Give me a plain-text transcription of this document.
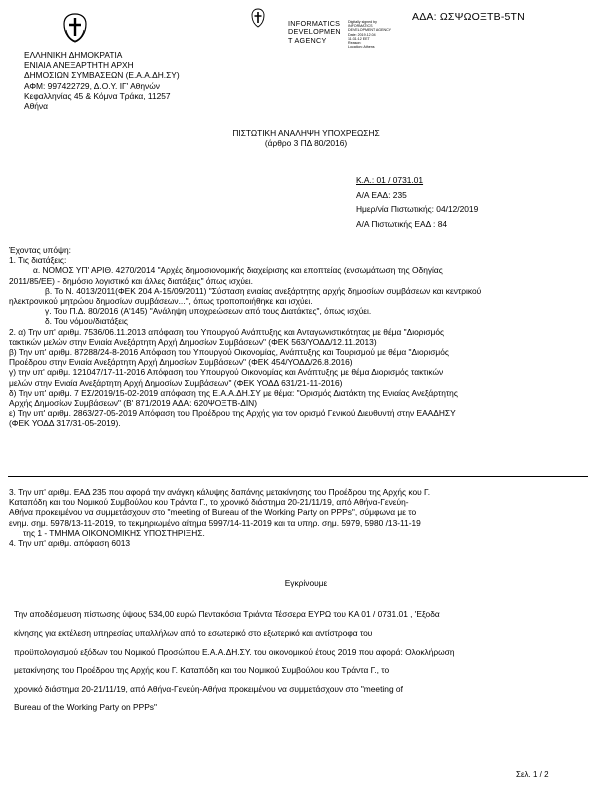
ΑΔΑ: ΩΣΨΩΟΞΤΒ-5ΤΝ
INFORMATICS
DEVELOPMEN
T AGENCY
Digitally signed by
INFORMATICS
DEVELOPMENT AGENCY
Date: 2019.12.04
11:31:12 EET
Reason:
Location: Athens
ΕΛΛΗΝΙΚΗ ΔΗΜΟΚΡΑΤΙΑ
ΕΝΙΑΙΑ ΑΝΕΞΑΡΤΗΤΗ ΑΡΧΗ
ΔΗΜΟΣΙΩΝ ΣΥΜΒΑΣΕΩΝ (Ε.Α.Α.ΔΗ.ΣΥ)
ΑΦΜ: 997422729, Δ.Ο.Υ. ΙΓ' Αθηνών
Κεφαλληνίας 45 & Κόμνα Τράκα, 11257
Αθήνα
ΠΙΣΤΩΤΙΚΗ ΑΝΑΛΗΨΗ ΥΠΟΧΡΕΩΣΗΣ
(άρθρο 3 ΠΔ 80/2016)
Κ.Α.: 01 / 0731.01
Α/Α ΕΑΔ: 235
Ημερ/νία Πιστωτικής: 04/12/2019
Α/Α Πιστωτικής ΕΑΔ : 84

Έχοντας υπόψη:

1. Τις διατάξεις:

α. ΝΟΜΟΣ ΥΠ' ΑΡΙΘ. 4270/2014 "Αρχές δημοσιονομικής διαχείρισης και εποπτείας (ενσωμάτωση της Οδηγίας

2011/85/ΕΕ) - δημόσιο λογιστικό και άλλες διατάξεις" όπως ισχύει.

β. Το Ν. 4013/2011(ΦΕΚ 204 Α-15/09/2011) "Σύσταση ενιαίας ανεξάρτητης αρχής δημοσίων συμβάσεων και κεντρικού

ηλεκτρονικού μητρώου δημοσίων συμβάσεων...", όπως τροποποιήθηκε και ισχύει.

γ. Του Π.Δ. 80/2016 (Α'145) "Ανάληψη υποχρεώσεων από τους Διατάκτες", όπως ισχύει.

δ. Του νόμου/διατάξεις

2. α) Την υπ' αριθμ. 7536/06.11.2013 απόφαση του Υπουργού Ανάπτυξης και Ανταγωνιστικότητας με θέμα "Διορισμός

τακτικών μελών στην Ενιαία Ανεξάρτητη Αρχή Δημοσίων Συμβάσεων" (ΦΕΚ 563/ΥΟΔΔ/12.11.2013)

β) Την υπ' αριθμ. 87288/24-8-2016 Απόφαση του Υπουργού Οικονομίας, Ανάπτυξης και Τουρισμού με θέμα "Διορισμός

Προέδρου στην Ενιαία Ανεξάρτητη Αρχή Δημοσίων Συμβάσεων" (ΦΕΚ 454/ΥΟΔΔ/26.8.2016)

γ) την υπ' αριθμ. 121047/17-11-2016 Απόφαση του Υπουργού Οικονομίας και Ανάπτυξης με θέμα Διορισμός τακτικών

μελών στην Ενιαία Ανεξάρτητη Αρχή Δημοσίων Συμβάσεων" (ΦΕΚ ΥΟΔΔ 631/21-11-2016)

δ) Την υπ' αριθμ. 7 ΕΣ/2019/15-02-2019 απόφαση της Ε.Α.Α.ΔΗ.ΣΥ με θέμα: "Ορισμός Διατάκτη της Ενιαίας Ανεξάρτητης

Αρχής Δημοσίων Συμβάσεων" (Β' 871/2019 ΑΔΑ: 620ΨΟΞΤΒ-ΔΙΝ)

ε) Την υπ' αριθμ. 2863/27-05-2019 Απόφαση του Προέδρου της Αρχής για τον ορισμό Γενικού Διευθυντή στην ΕΑΑΔΗΣΥ

(ΦΕΚ ΥΟΔΔ 317/31-05-2019).

3. Την υπ' αριθμ. ΕΑΔ 235 που αφορά την ανάγκη κάλυψης δαπάνης μετακίνησης του Προέδρου της Αρχής κου Γ.

Καταπόδη και του Νομικού Συμβούλου κου Τράντα Γ., το χρονικό διάστημα 20-21/11/19, από Αθήνα-Γενεύη-

Αθήνα προκειμένου να συμμετάσχουν στο "meeting of Bureau of the Working Party on PPPs", σύμφωνα με το

ενημ. σημ. 5978/13-11-2019, το τεκμηριωμένο αίτημα 5997/14-11-2019 και τα υπηρ. σημ. 5979, 5980 /13-11-19

της 1 - ΤΜΗΜΑ ΟΙΚΟΝΟΜΙΚΗΣ ΥΠΟΣΤΗΡΙΞΗΣ.

4. Την υπ' αριθμ. απόφαση 6013

Εγκρίνουμε

Την αποδέσμευση πίστωσης ύψους 534,00 ευρώ Πεντακόσια Τριάντα Τέσσερα ΕΥΡΩ του ΚΑ 01 / 0731.01 , 'Εξοδα

κίνησης για εκτέλεση υπηρεσίας υπαλλήλων από το εσωτερικό στο εξωτερικό και αντίστροφα του

προϋπολογισμού εξόδων του Νομικού Προσώπου Ε.Α.Α.ΔΗ.ΣΥ. του οικονομικού έτους 2019 που αφορά: Ολοκλήρωση

μετακίνησης του Προέδρου της Αρχής κου Γ. Καταπόδη και του Νομικού Συμβούλου κου Τράντα Γ., το

χρονικό διάστημα 20-21/11/19, από Αθήνα-Γενεύη-Αθήνα προκειμένου να συμμετάσχουν στο "meeting of

Bureau of the Working Party on PPPs"

Σελ. 1 / 2
